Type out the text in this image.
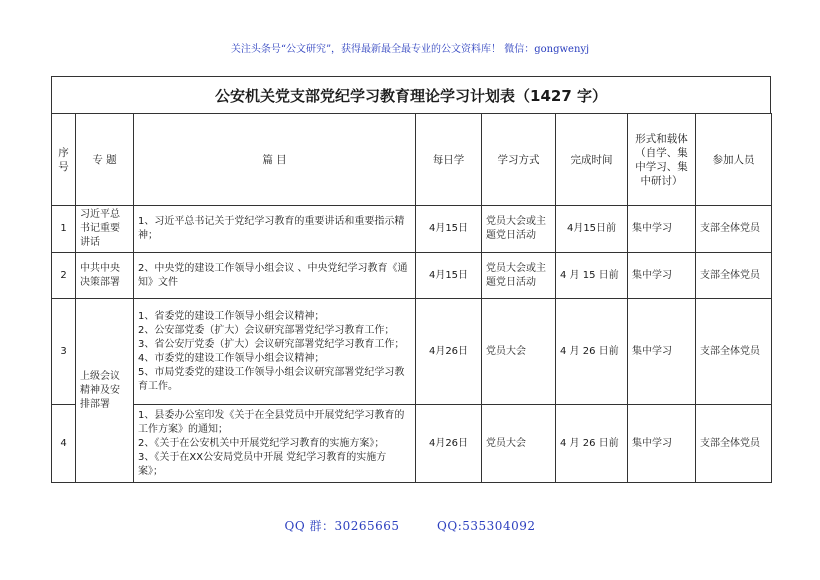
关注头条号“公文研究”，获得最新最全最专业的公文资料库！ 微信：gongwenyj
公安机关党支部党纪学习教育理论学习计划表（1427 字）
序号	专 题	篇 目	每日学	学习方式	完成时间	形式和载体（自学、集中学习、集中研讨）	参加人员
1	习近平总书记重要讲话	1、习近平总书记关于党纪学习教育的重要讲话和重要指示精神；	4月15日	党员大会或主题党日活动	4月15日前	集中学习	支部全体党员
2	中共中央决策部署	2、中央党的建设工作领导小组会议 、中央党纪学习教育《通知》文件	4月15日	党员大会或主题党日活动	4 月 15 日前	集中学习	支部全体党员
3	上级会议精神及安排部署	1、省委党的建设工作领导小组会议精神；
2、公安部党委（扩大）会议研究部署党纪学习教育工作；　　　　　　3、省公安厅党委（扩大）会议研究部署党纪学习教育工作；
4、市委党的建设工作领导小组会议精神；
5、市局党委党的建设工作领导小组会议研究部署党纪学习教育工作。	4月26日	党员大会	4 月 26 日前	集中学习	支部全体党员
4		1、县委办公室印发《关于在全县党员中开展党纪学习教育的工作方案》的通知；
2、《关于在公安机关中开展党纪学习教育的实施方案》；　　　　3、《关于在XX公安局党员中开展 党纪学习教育的实施方案》；	4月26日	党员大会	4 月 26 日前	集中学习	支部全体党员
QQ 群：30265665　　　QQ:535304092
